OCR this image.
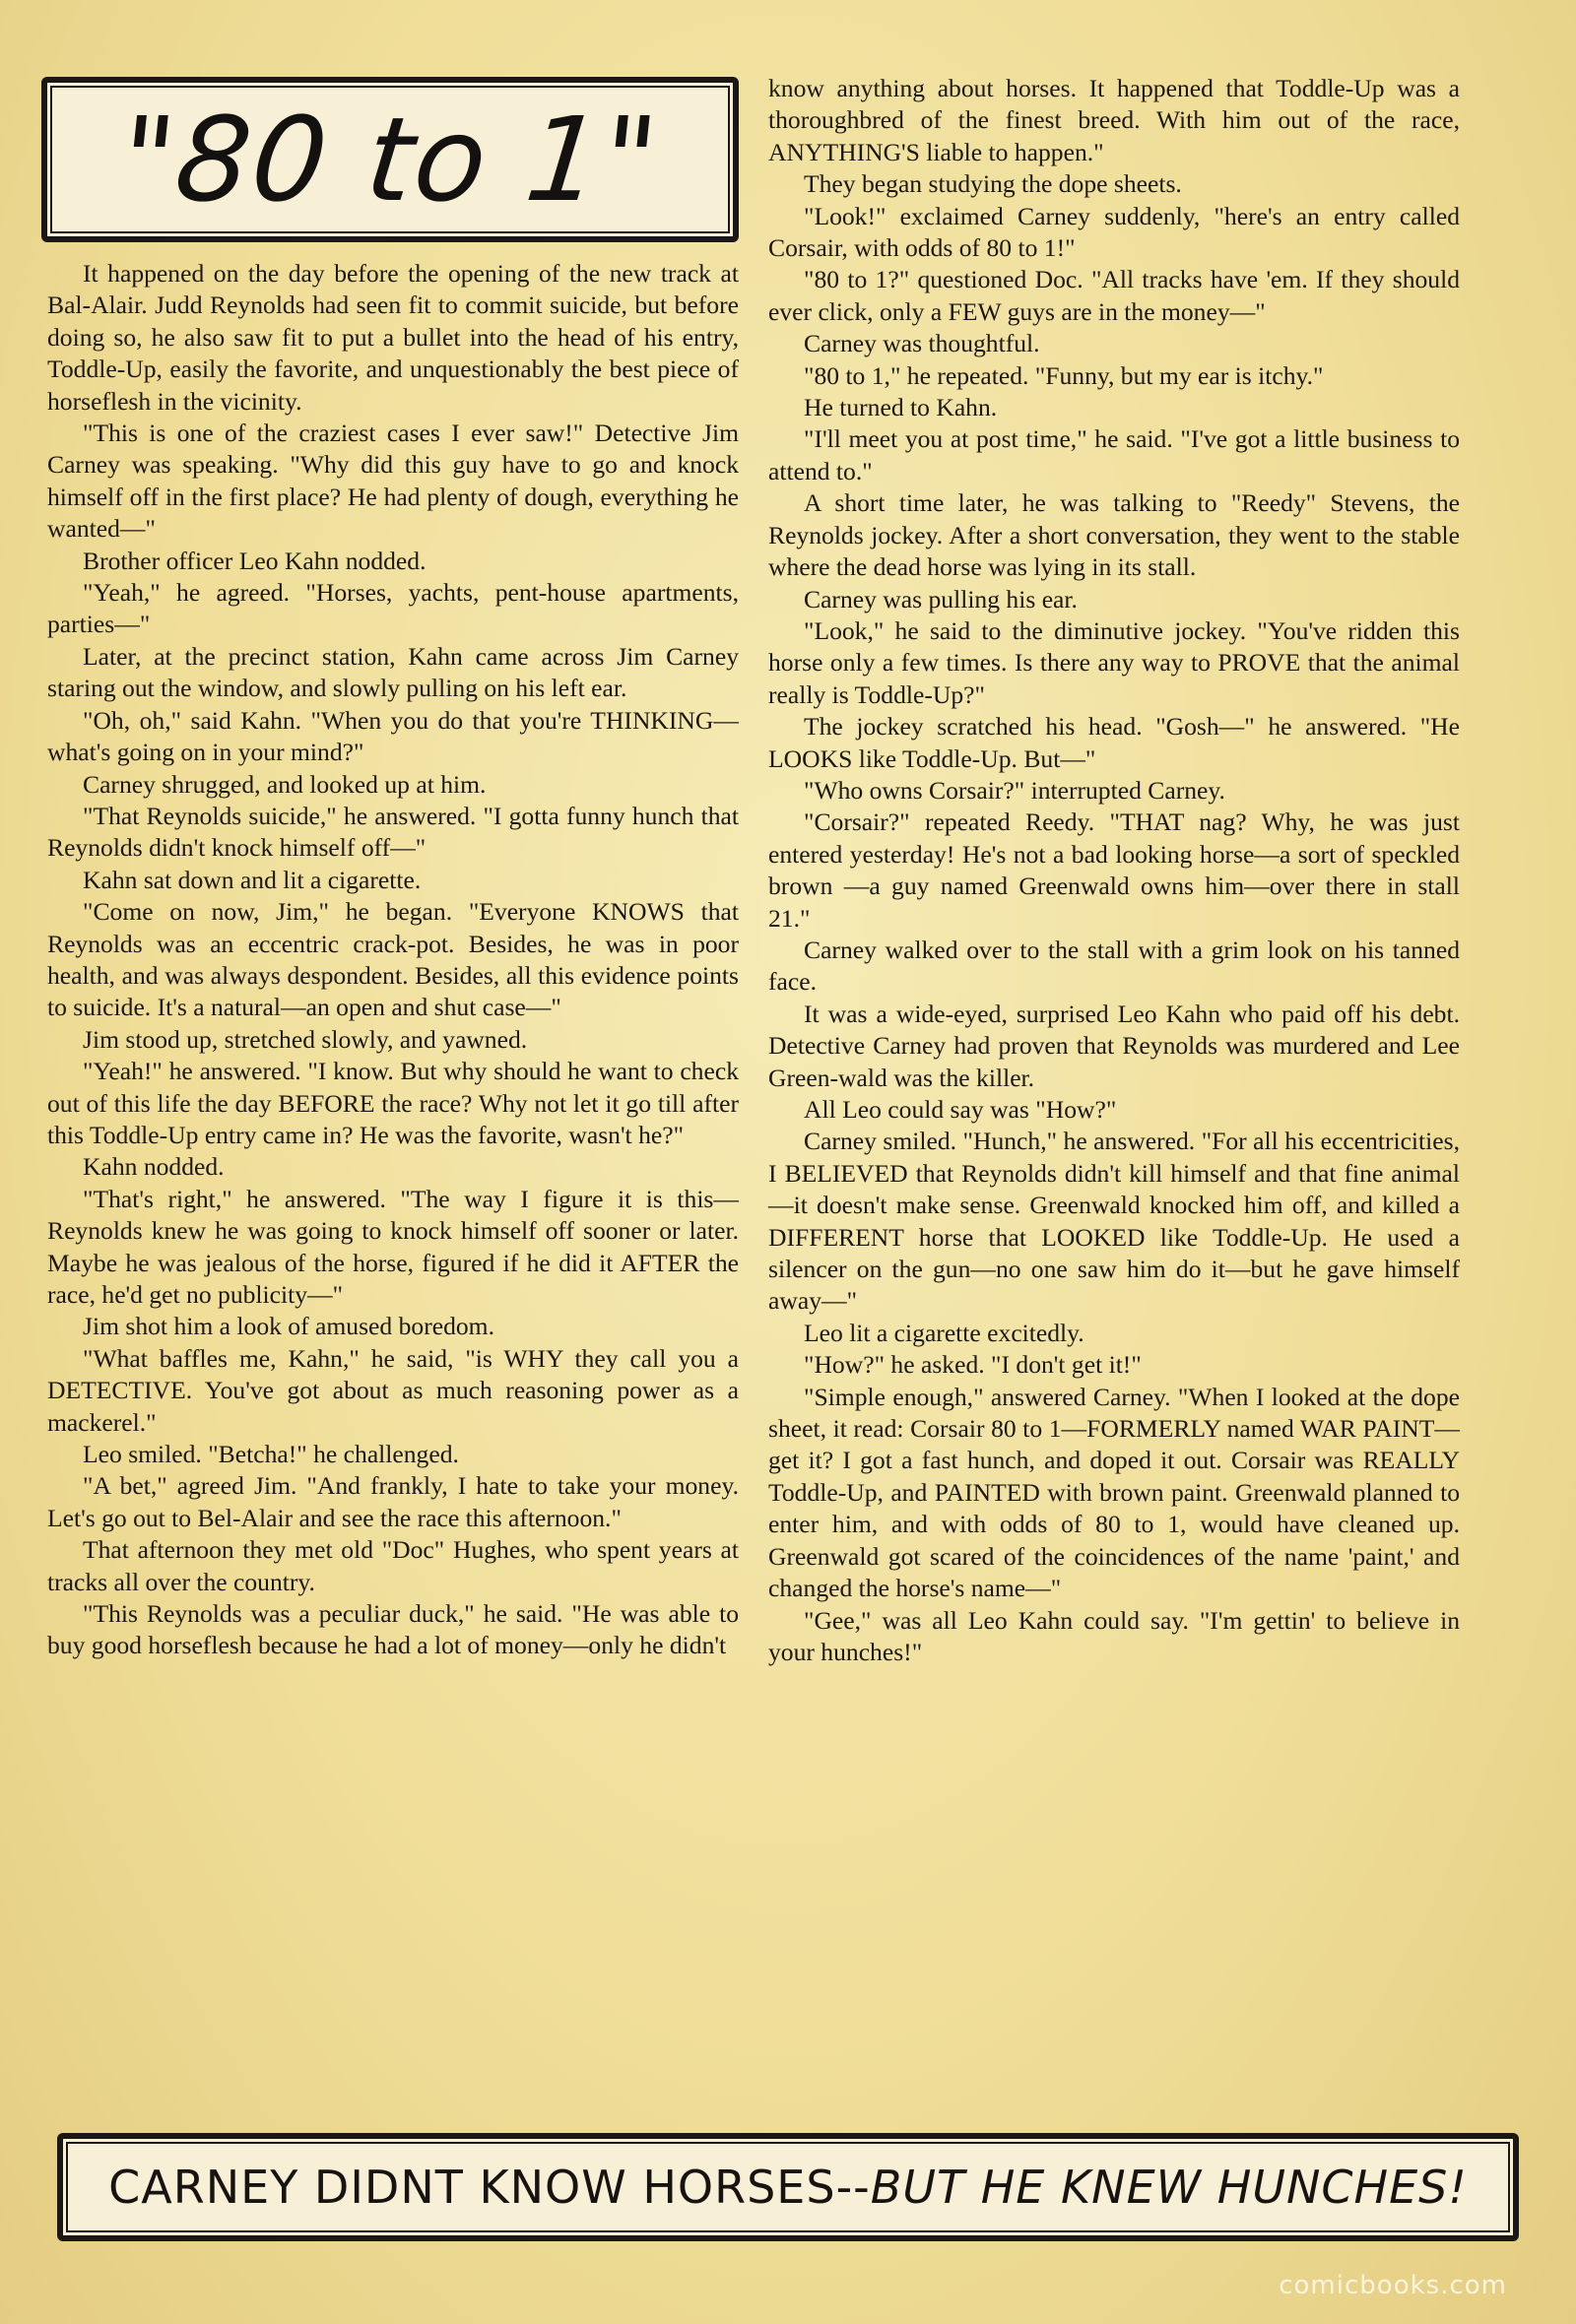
"80 to 1"

It happened on the day before the opening of the new track at Bal-Alair. Judd Reynolds had seen fit to commit suicide, but before doing so, he also saw fit to put a bullet into the head of his entry, Toddle-Up, easily the favorite, and unquestionably the best piece of horseflesh in the vicinity.

"This is one of the craziest cases I ever saw!" Detective Jim Carney was speaking. "Why did this guy have to go and knock himself off in the first place? He had plenty of dough, everything he wanted—"

Brother officer Leo Kahn nodded.

"Yeah," he agreed. "Horses, yachts, pent-house apartments, parties—"

Later, at the precinct station, Kahn came across Jim Carney staring out the window, and slowly pulling on his left ear.

"Oh, oh," said Kahn. "When you do that you're THINKING—what's going on in your mind?"

Carney shrugged, and looked up at him.

"That Reynolds suicide," he answered. "I gotta funny hunch that Reynolds didn't knock himself off—"

Kahn sat down and lit a cigarette.

"Come on now, Jim," he began. "Everyone KNOWS that Reynolds was an eccentric crack-pot. Besides, he was in poor health, and was always despondent. Besides, all this evidence points to suicide. It's a natural—an open and shut case—"

Jim stood up, stretched slowly, and yawned.

"Yeah!" he answered. "I know. But why should he want to check out of this life the day BEFORE the race? Why not let it go till after this Toddle-Up entry came in? He was the favorite, wasn't he?"

Kahn nodded.

"That's right," he answered. "The way I figure it is this—Reynolds knew he was going to knock himself off sooner or later. Maybe he was jealous of the horse, figured if he did it AFTER the race, he'd get no publicity—"

Jim shot him a look of amused boredom.

"What baffles me, Kahn," he said, "is WHY they call you a DETECTIVE. You've got about as much reasoning power as a mackerel."

Leo smiled. "Betcha!" he challenged.

"A bet," agreed Jim. "And frankly, I hate to take your money. Let's go out to Bel-Alair and see the race this afternoon."

That afternoon they met old "Doc" Hughes, who spent years at tracks all over the country.

"This Reynolds was a peculiar duck," he said. "He was able to buy good horseflesh because he had a lot of money—only he didn't

know anything about horses. It happened that Toddle-Up was a thoroughbred of the finest breed. With him out of the race, ANYTHING'S liable to happen."

They began studying the dope sheets.

"Look!" exclaimed Carney suddenly, "here's an entry called Corsair, with odds of 80 to 1!"

"80 to 1?" questioned Doc. "All tracks have 'em. If they should ever click, only a FEW guys are in the money—"

Carney was thoughtful.

"80 to 1," he repeated. "Funny, but my ear is itchy."

He turned to Kahn.

"I'll meet you at post time," he said. "I've got a little business to attend to."

A short time later, he was talking to "Reedy" Stevens, the Reynolds jockey. After a short conversation, they went to the stable where the dead horse was lying in its stall.

Carney was pulling his ear.

"Look," he said to the diminutive jockey. "You've ridden this horse only a few times. Is there any way to PROVE that the animal really is Toddle-Up?"

The jockey scratched his head. "Gosh—" he answered. "He LOOKS like Toddle-Up. But—"

"Who owns Corsair?" interrupted Carney.

"Corsair?" repeated Reedy. "THAT nag? Why, he was just entered yesterday! He's not a bad looking horse—a sort of speckled brown —a guy named Greenwald owns him—over there in stall 21."

Carney walked over to the stall with a grim look on his tanned face.

It was a wide-eyed, surprised Leo Kahn who paid off his debt. Detective Carney had proven that Reynolds was murdered and Lee Green-wald was the killer.

All Leo could say was "How?"

Carney smiled. "Hunch," he answered. "For all his eccentricities, I BELIEVED that Reynolds didn't kill himself and that fine animal—it doesn't make sense. Greenwald knocked him off, and killed a DIFFERENT horse that LOOKED like Toddle-Up. He used a silencer on the gun—no one saw him do it—but he gave himself away—"

Leo lit a cigarette excitedly.

"How?" he asked. "I don't get it!"

"Simple enough," answered Carney. "When I looked at the dope sheet, it read: Corsair 80 to 1—FORMERLY named WAR PAINT—get it? I got a fast hunch, and doped it out. Corsair was REALLY Toddle-Up, and PAINTED with brown paint. Greenwald planned to enter him, and with odds of 80 to 1, would have cleaned up. Greenwald got scared of the coincidences of the name 'paint,' and changed the horse's name—"

"Gee," was all Leo Kahn could say. "I'm gettin' to believe in your hunches!"

CARNEY DIDNT KNOW HORSES--BUT HE KNEW HUNCHES!
comicbooks.com
